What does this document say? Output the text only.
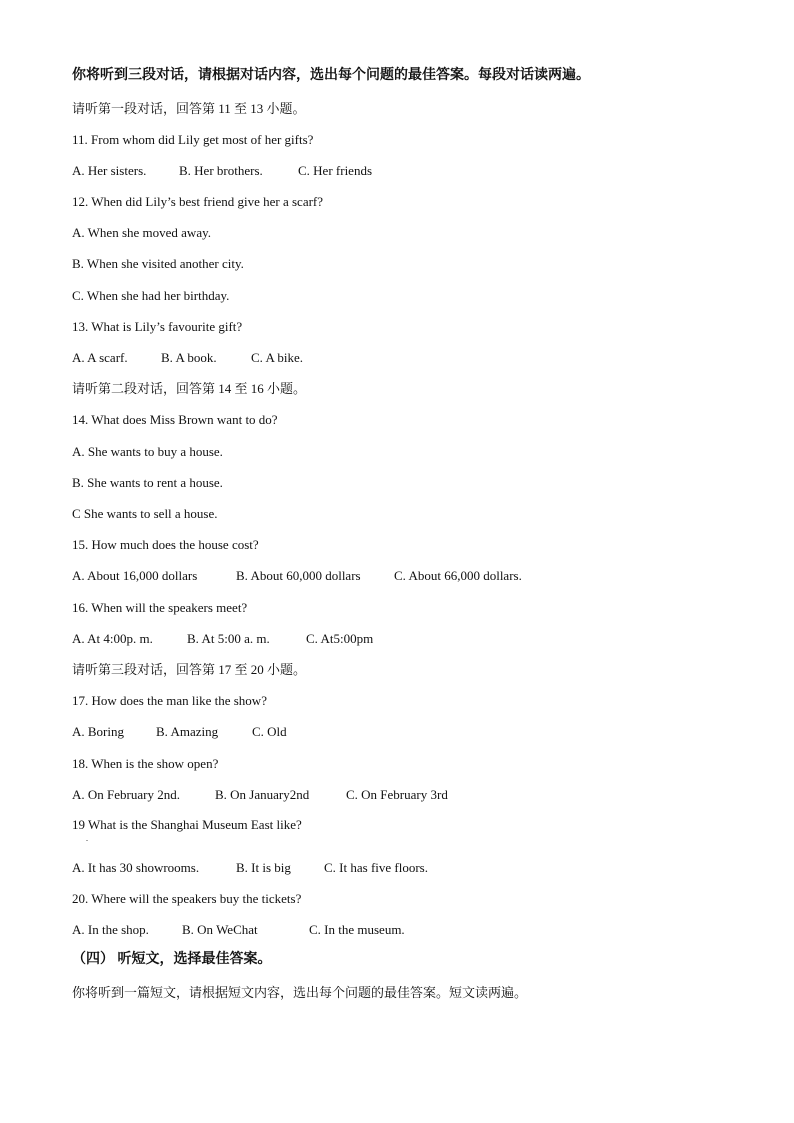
你将听到三段对话，请根据对话内容，选出每个问题的最佳答案。每段对话读两遍。
请听第一段对话，回答第 11 至 13 小题。
11. From whom did Lily get most of her gifts?
A. Her sisters.	B. Her brothers.	C. Her friends
12. When did Lily’s best friend give her a scarf?
A. When she moved away.
B. When she visited another city.
C. When she had her birthday.
13. What is Lily’s favourite gift?
A. A scarf.	B. A book.	C. A bike.
请听第二段对话，回答第 14 至 16 小题。
14. What does Miss Brown want to do?
A. She wants to buy a house.
B. She wants to rent a house.
C She wants to sell a house.
15. How much does the house cost?
A. About 16,000 dollars	B. About 60,000 dollars	C. About 66,000 dollars.
16. When will the speakers meet?
A. At 4:00p. m.	B. At 5:00 a. m.	C. At5:00pm
请听第三段对话，回答第 17 至 20 小题。
17. How does the man like the show?
A. Boring B. Amazing	C. Old
18. When is the show open?
A. On February 2nd.	B. On January2nd	C. On February 3rd
19 What is the Shanghai Museum East like?
.
A. It has 30 showrooms.	B. It is big	C. It has five floors.
20. Where will the speakers buy the tickets?
A. In the shop.	B. On WeChat	C. In the museum.
（四） 听短文，选择最佳答案。
你将听到一篇短文，请根据短文内容，选出每个问题的最佳答案。短文读两遍。
